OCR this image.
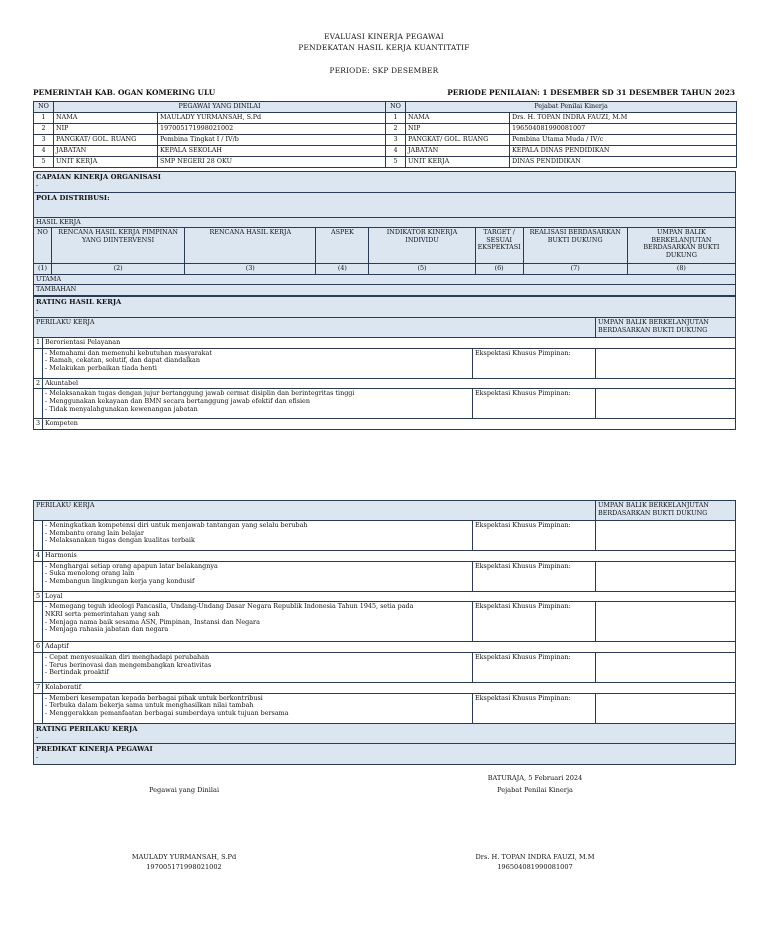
EVALUASI KINERJA PEGAWAI
PENDEKATAN HASIL KERJA KUANTITATIF
PERIODE: SKP DESEMBER
PEMERINTAH KAB. OGAN KOMERING ULU	PERIODE PENILAIAN: 1 DESEMBER SD 31 DESEMBER TAHUN 2023
NO	PEGAWAI YANG DINILAI		NO	Pejabat Penilai Kinerja	
1	NAMA	MAULADY YURMANSAH, S.Pd	1	NAMA	Drs. H. TOPAN INDRA FAUZI, M.M
2	NIP	197005171998021002	2	NIP	196504081990081007
3	PANGKAT/ GOL. RUANG	Pembina Tingkat I / IV/b	3	PANGKAT/ GOL. RUANG	Pembina Utama Muda / IV/c
4	JABATAN	KEPALA SEKOLAH	4	JABATAN	KEPALA DINAS PENDIDIKAN
5	UNIT KERJA	SMP NEGERI 28 OKU	5	UNIT KERJA	DINAS PENDIDIKAN
CAPAIAN KINERJA ORGANISASI
-
POLA DISTRIBUSI:
HASIL KERJA
NO	RENCANA HASIL KERJA PIMPINAN YANG DIINTERVENSI	RENCANA HASIL KERJA	ASPEK	INDIKATOR KINERJA INDIVIDU	TARGET / SESUAI EKSPEKTASI	REALISASI BERDASARKAN BUKTI DUKUNG	UMPAN BALIK BERKELANJUTAN BERDASARKAN BUKTI DUKUNG
(1)	(2)	(3)	(4)	(5)	(6)	(7)	(8)
UTAMA							
TAMBAHAN							
RATING HASIL KERJA
-
PERILAKU KERJA			UMPAN BALIK BERKELANJUTAN BERDASARKAN BUKTI DUKUNG
1	Berorientasi Pelayanan		

	- Memahami dan memenuhi kebutuhan masyarakat
- Ramah, cekatan, solutif, dan dapat diandalkan
- Melakukan perbaikan tiada henti	Ekspektasi Khusus Pimpinan:	
2	Akuntabel		

	- Melaksanakan tugas dengan jujur bertanggung jawab cermat disiplin dan berintegritas tinggi
- Menggunakan kekayaan dan BMN secara bertanggung jawab efektif dan efisien
- Tidak menyalahgunakan kewenangan jabatan	Ekspektasi Khusus Pimpinan:	
3	Kompeten		
PERILAKU KERJA			UMPAN BALIK BERKELANJUTAN BERDASARKAN BUKTI DUKUNG

	- Meningkatkan kompetensi diri untuk menjawab tantangan yang selalu berubah
- Membantu orang lain belajar
- Melaksanakan tugas dengan kualitas terbaik	Ekspektasi Khusus Pimpinan:	
4	Harmonis		

	- Menghargai setiap orang apapun latar belakangnya
- Suka menolong orang lain
- Membangun lingkungan kerja yang kondusif	Ekspektasi Khusus Pimpinan:	
5	Loyal		

	- Memegang teguh ideologi Pancasila, Undang-Undang Dasar Negara Republik Indonesia Tahun 1945, setia pada
NKRI serta pemerintahan yang sah
- Menjaga nama baik sesama ASN, Pimpinan, Instansi dan Negara
- Menjaga rahasia jabatan dan negara	Ekspektasi Khusus Pimpinan:	
6	Adaptif		

	- Cepat menyesuaikan diri menghadapi perubahan
- Terus berinovasi dan mengembangkan kreativitas
- Bertindak proaktif	Ekspektasi Khusus Pimpinan:	
7	Kolaboratif		

	- Memberi kesempatan kepada berbagai pihak untuk berkontribusi
- Terbuka dalam bekerja sama untuk menghasilkan nilai tambah
- Menggerakkan pemanfaatan berbagai sumberdaya untuk tujuan bersama	Ekspektasi Khusus Pimpinan:	
RATING PERILAKU KERJA
-
PREDIKAT KINERJA PEGAWAI
-
BATURAJA, 5 Februari 2024
Pegawai yang Dinilai	Pejabat Penilai Kinerja
MAULADY YURMANSAH, S.Pd
197005171998021002
Drs. H. TOPAN INDRA FAUZI, M.M
196504081990081007
